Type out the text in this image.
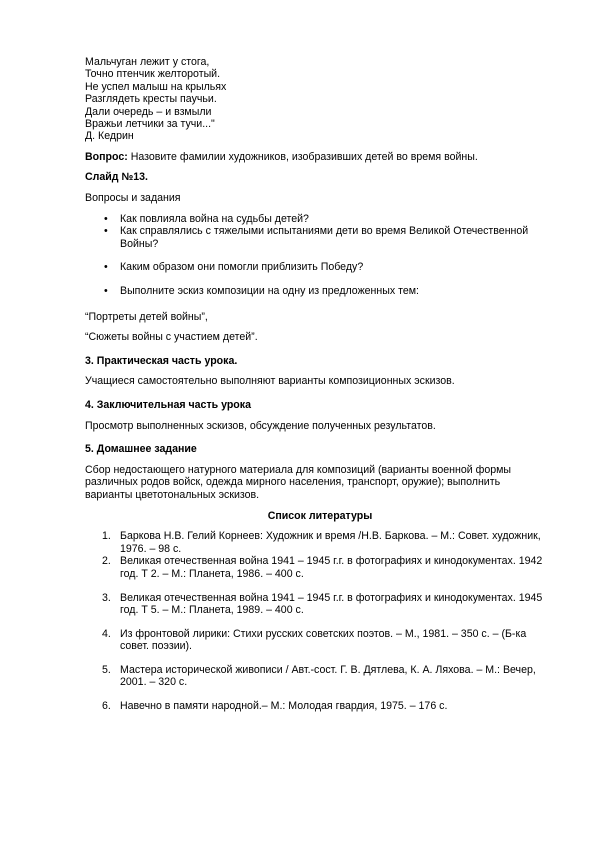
Мальчуган лежит у стога,

Точно птенчик желторотый.

Не успел малыш на крыльях

Разглядеть кресты паучьи.

Дали очередь – и взмыли

Вражьи летчики за тучи..."

Д. Кедрин

Вопрос: Назовите фамилии художников, изобразивших детей во время войны.

Слайд №13.

Вопросы и задания

• Как повлияла война на судьбы детей?
• Как справлялись с тяжелыми испытаниями дети во время Великой Отечественной Войны?
• Каким образом они помогли приблизить Победу?
• Выполните эскиз композиции на одну из предложенных тем:

“Портреты детей войны”,

“Сюжеты войны с участием детей”.

3. Практическая часть урока.

Учащиеся самостоятельно выполняют варианты композиционных эскизов.

4. Заключительная часть урока

Просмотр выполненных эскизов, обсуждение полученных результатов.

5. Домашнее задание

Сбор недостающего натурного материала для композиций (варианты военной формы различных родов войск, одежда мирного населения, транспорт, оружие); выполнить варианты цветотональных эскизов.

Список литературы

1. Баркова Н.В. Гелий Корнеев: Художник и время /Н.В. Баркова. – М.: Совет. художник, 1976. – 98 с.
2. Великая отечественная война 1941 – 1945 г.г. в фотографиях и кинодокументах. 1942 год. Т 2. – М.: Планета, 1986. – 400 с.
3. Великая отечественная война 1941 – 1945 г.г. в фотографиях и кинодокументах. 1945 год. Т 5. – М.: Планета, 1989. – 400 с.
4. Из фронтовой лирики: Стихи русских советских поэтов. – М., 1981. – 350 с. – (Б-ка совет. поэзии).
5. Мастера исторической живописи / Авт.-сост. Г. В. Дятлева, К. А. Ляхова. – М.: Вечер, 2001. – 320 с.
6. Навечно в памяти народной.– М.: Молодая гвардия, 1975. – 176 с.
